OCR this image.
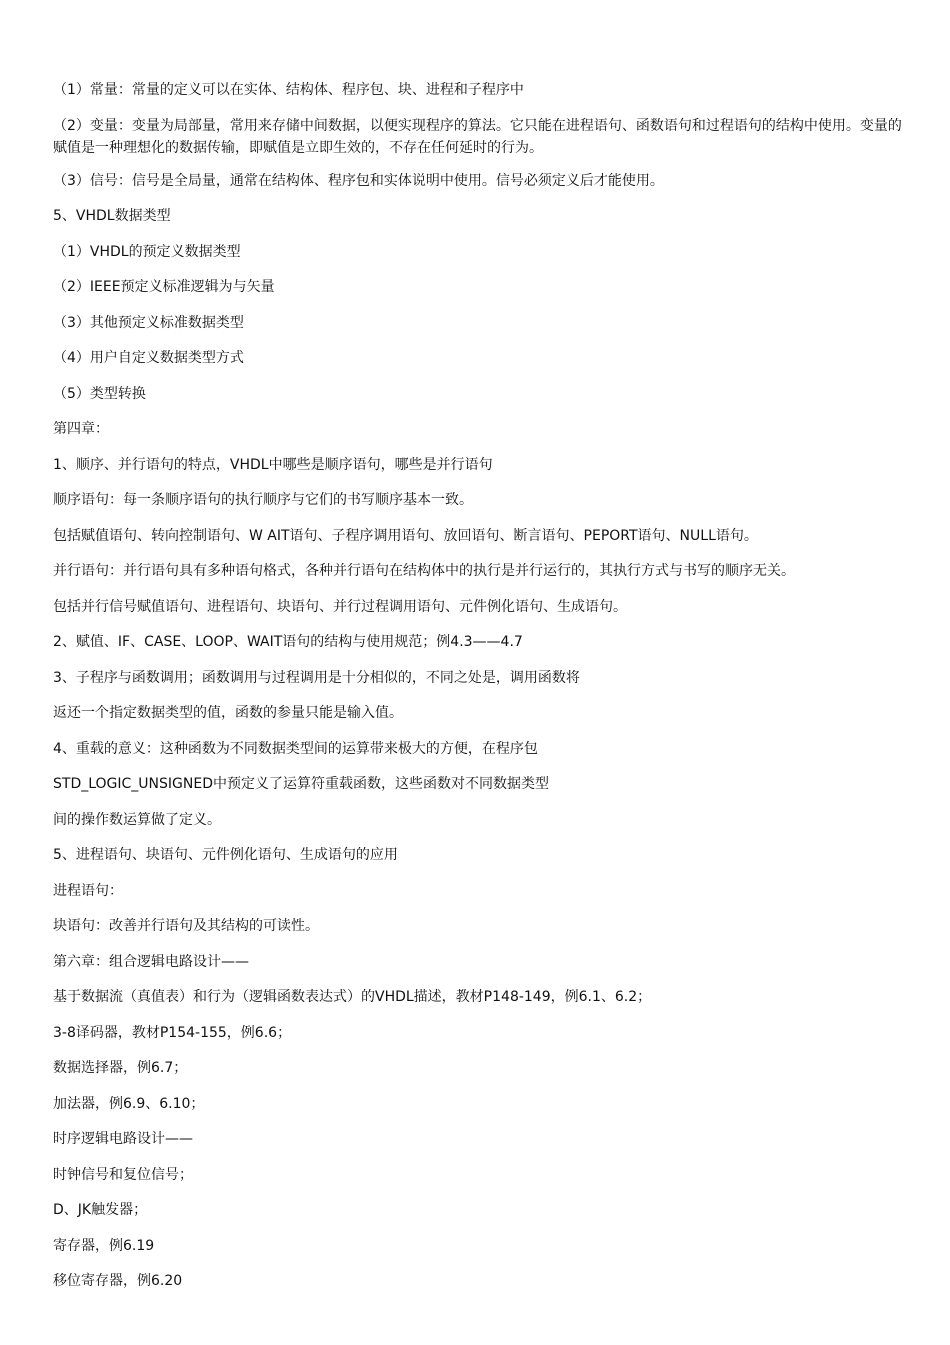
（1）常量：常量的定义可以在实体、结构体、程序包、块、进程和子程序中
（2）变量：变量为局部量，常用来存储中间数据，以便实现程序的算法。它只能在进程语句、函数语句和过程语句的结构中使用。变量的赋值是一种理想化的数据传输，即赋值是立即生效的，不存在任何延时的行为。
（3）信号：信号是全局量，通常在结构体、程序包和实体说明中使用。信号必须定义后才能使用。
5、VHDL数据类型
（1）VHDL的预定义数据类型
（2）IEEE预定义标准逻辑为与矢量
（3）其他预定义标准数据类型
（4）用户自定义数据类型方式
（5）类型转换
第四章：
1、顺序、并行语句的特点，VHDL中哪些是顺序语句，哪些是并行语句
顺序语句：每一条顺序语句的执行顺序与它们的书写顺序基本一致。
包括赋值语句、转向控制语句、W AIT语句、子程序调用语句、放回语句、断言语句、PEPORT语句、NULL语句。
并行语句：并行语句具有多种语句格式，各种并行语句在结构体中的执行是并行运行的，其执行方式与书写的顺序无关。
包括并行信号赋值语句、进程语句、块语句、并行过程调用语句、元件例化语句、生成语句。
2、赋值、IF、CASE、LOOP、WAIT语句的结构与使用规范；例4.3——4.7
3、子程序与函数调用；函数调用与过程调用是十分相似的，不同之处是，调用函数将
返还一个指定数据类型的值，函数的参量只能是输入值。
4、重载的意义：这种函数为不同数据类型间的运算带来极大的方便，在程序包
STD_LOGIC_UNSIGNED中预定义了运算符重载函数，这些函数对不同数据类型
间的操作数运算做了定义。
5、进程语句、块语句、元件例化语句、生成语句的应用
进程语句：
块语句：改善并行语句及其结构的可读性。
第六章：组合逻辑电路设计——
基于数据流（真值表）和行为（逻辑函数表达式）的VHDL描述，教材P148-149，例6.1、6.2；
3-8译码器，教材P154-155，例6.6；
数据选择器，例6.7；
加法器，例6.9、6.10；
时序逻辑电路设计——
时钟信号和复位信号；
D、JK触发器；
寄存器，例6.19
移位寄存器，例6.20
